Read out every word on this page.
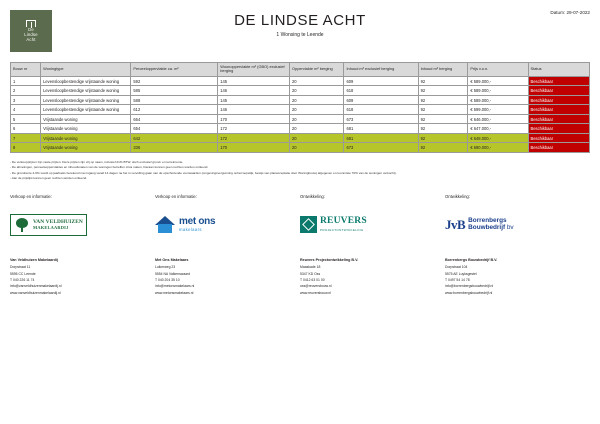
De
Lindse
Acht
DE LINDSE ACHT
1 Wonsing te Leende
Datum: 29-07-2022
Bouw nr	Woningtype	Perceeloppervlakte ca. m²	Woonoppervlakte m² (GBO) exclusief berging	Oppervlakte m² berging	Inhoud m³ exclusief berging	Inhoud m³ berging	Prijs v.o.n.	Status
1	Levensloopbestendige vrijstaande woning	592	145	20	609	92	€ 589.000,-	Beschikbaar
2	Levensloopbestendige vrijstaande woning	585	146	20	618	92	€ 589.000,-	Beschikbaar
3	Levensloopbestendige vrijstaande woning	588	145	20	609	92	€ 589.000,-	Beschikbaar
4	Levensloopbestendige vrijstaande woning	612	146	20	618	92	€ 599.000,-	Beschikbaar
5	Vrijstaande woning	664	170	20	673	92	€ 646.000,-	Beschikbaar
6	Vrijstaande woning	654	172	20	681	92	€ 647.000,-	Beschikbaar
7	Vrijstaande woning	642	172	20	681	92	€ 648.000,-	Beschikbaar
8	Vrijstaande woning	336	170	20	673	92	€ 690.000,-	Beschikbaar
- De verkoopprijzen zijn vaste prijzen. Deze prijzen zijn vrij op naam, inclusief 21% BTW, doch exclusief grond- en terreinrente.
- De afmetingen, perceelsoppervlaktes en inhoudsmaten van de woningen betreffen circa maten, hieraan kunnen geen rechten worden ontleend.
- De grondrente 4-6% wordt op jaarbasis berekend met ingang vanaf 14 dagen na het in vervulling gaan van de opschortende voorwaarden (omgevingsvergunning onherroepelijk, bewijs van planacceptatie door Woningbouw) afgegeven en toonmiste 70% van de woningen verkocht).
- Aan de prijslijst kunnen geen rechten worden ontleend.
Verkoop en informatie:
VAN VELDHUIZEN
MAKELAARDIJ
Verkoop en informatie:
met ons
makelaars
Ontwikkeling:
REUVERS
PROJECTONTWIKKELING
Ontwikkeling:
JvB Borrenbergs
Bouwbedrijf bv
Van Veldhuizen Makelaardij
Dorpstraat 11
5595 CC Leende
T 040 226 11 74
info@vanveldhuizenmakelaardij.nl
www.vanveldhuizenmakelaardij.nl
Met Ons Makelaars
Luikerweg 23
5554 NA Valkenswaard
T 040 204 35 10
info@metonsmakelaars.nl
www.metonsmakelaars.nl
Reuvers Projectontwikkeling B.V.
Maaskade 18
5347 KD Oss
T 0412 63 01 00
oss@reuversbouw.nl
www.reuversbouw.nl
Borrenbergs Bouwbedrijf B.V.
Dorpstraat 104
5575 AE Luyksgestel
T 0497 54 14 78
info@borrenbergsbouwbedrijf.nl
www.borrenbergsbouwbedrijf.nl
